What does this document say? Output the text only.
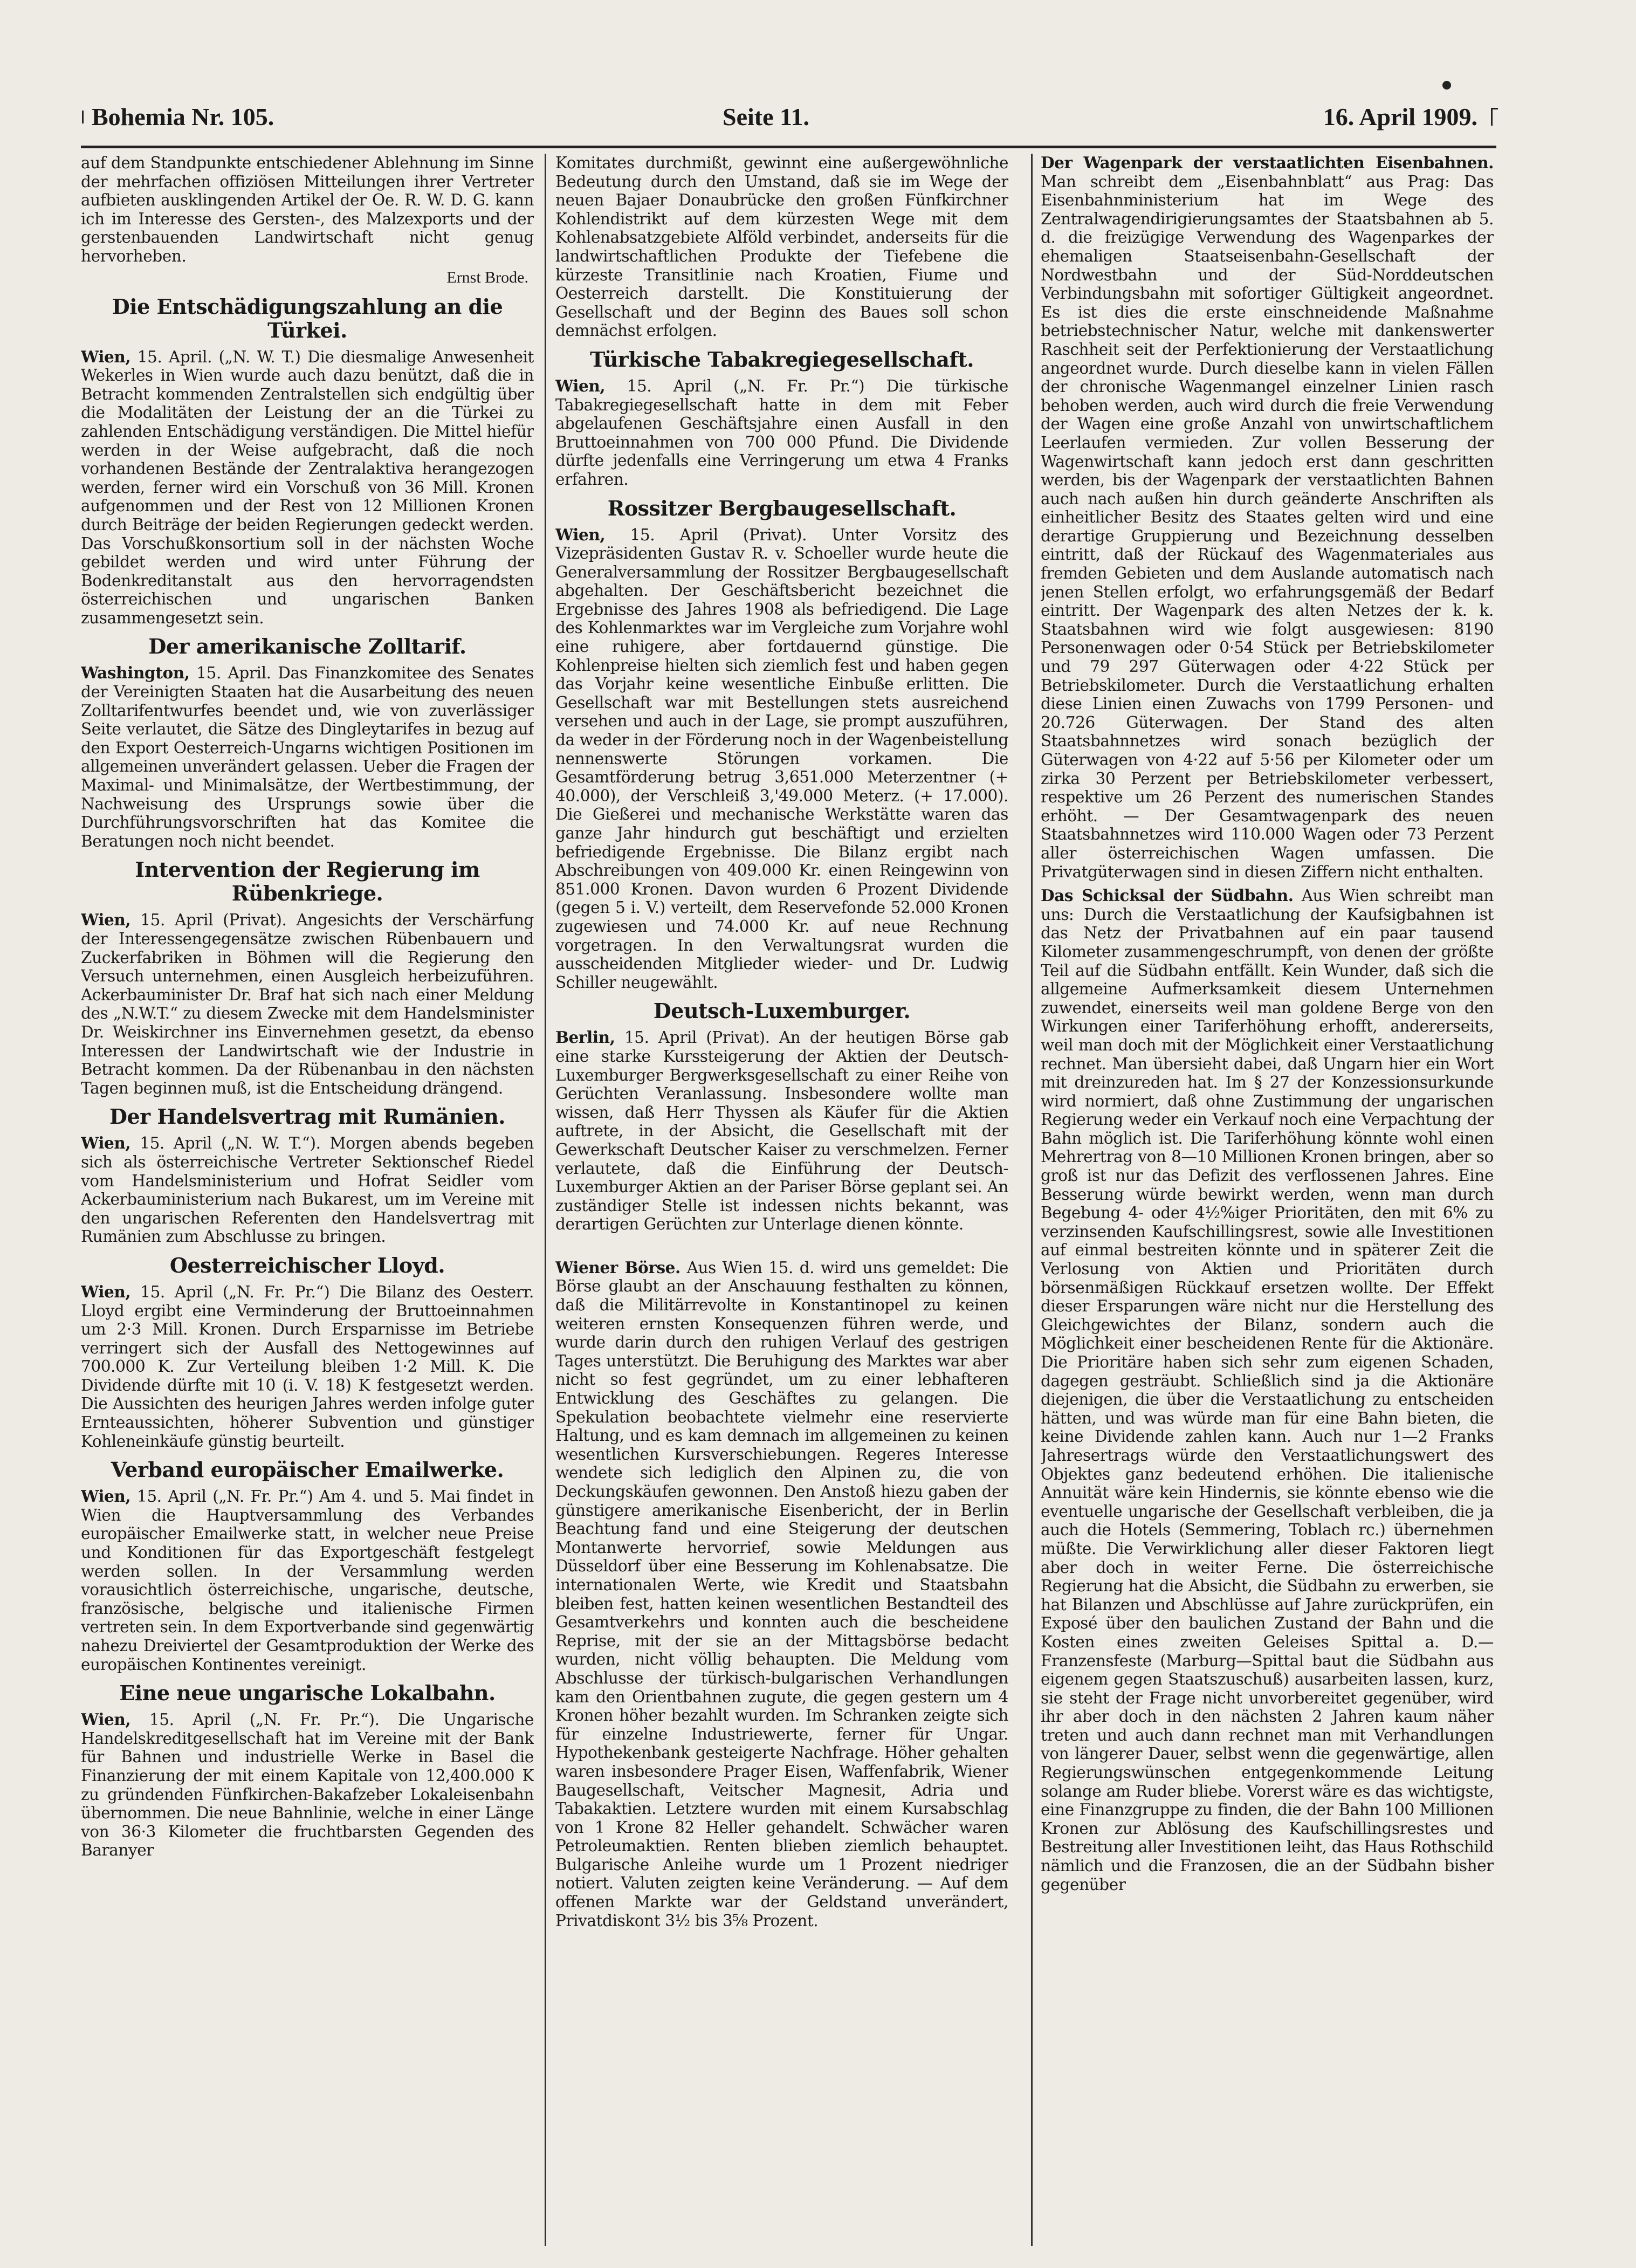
Bohemia Nr. 105.	Seite 11.	16. April 1909.

auf dem Standpunkte entschiedener Ablehnung im Sinne der mehrfachen offiziösen Mitteilungen ihrer Vertreter aufbieten ausklingenden Artikel der Oe. R. W. D. G. kann ich im Interesse des Gersten-, des Malzexports und der gerstenbauenden Landwirtschaft nicht genug hervorheben.

Ernst Brode.
Die Entschädigungszahlung an die Türkei.

Wien, 15. April. („N. W. T.) Die diesmalige Anwesenheit Wekerles in Wien wurde auch dazu benützt, daß die in Betracht kommenden Zentralstellen sich endgültig über die Modalitäten der Leistung der an die Türkei zu zahlenden Entschädigung verständigen. Die Mittel hiefür werden in der Weise aufgebracht, daß die noch vorhandenen Bestände der Zentralaktiva herangezogen werden, ferner wird ein Vorschuß von 36 Mill. Kronen aufgenommen und der Rest von 12 Millionen Kronen durch Beiträge der beiden Regierungen gedeckt werden. Das Vorschußkonsortium soll in der nächsten Woche gebildet werden und wird unter Führung der Bodenkreditanstalt aus den hervorragendsten österreichischen und ungarischen Banken zusammengesetzt sein.

Der amerikanische Zolltarif.

Washington, 15. April. Das Finanzkomitee des Senates der Vereinigten Staaten hat die Ausarbeitung des neuen Zolltarifentwurfes beendet und, wie von zuverlässiger Seite verlautet, die Sätze des Dingleytarifes in bezug auf den Export Oesterreich-Ungarns wichtigen Positionen im allgemeinen unverändert gelassen. Ueber die Fragen der Maximal- und Minimalsätze, der Wertbestimmung, der Nachweisung des Ursprungs sowie über die Durchführungsvorschriften hat das Komitee die Beratungen noch nicht beendet.

Intervention der Regierung im Rübenkriege.

Wien, 15. April (Privat). Angesichts der Verschärfung der Interessengegensätze zwischen Rübenbauern und Zuckerfabriken in Böhmen will die Regierung den Versuch unternehmen, einen Ausgleich herbeizuführen. Ackerbauminister Dr. Braf hat sich nach einer Meldung des „N.W.T.“ zu diesem Zwecke mit dem Handelsminister Dr. Weiskirchner ins Einvernehmen gesetzt, da ebenso Interessen der Landwirtschaft wie der Industrie in Betracht kommen. Da der Rübenanbau in den nächsten Tagen beginnen muß, ist die Entscheidung drängend.

Der Handelsvertrag mit Rumänien.

Wien, 15. April („N. W. T.“). Morgen abends begeben sich als österreichische Vertreter Sektionschef Riedel vom Handelsministerium und Hofrat Seidler vom Ackerbauministerium nach Bukarest, um im Vereine mit den ungarischen Referenten den Handelsvertrag mit Rumänien zum Abschlusse zu bringen.

Oesterreichischer Lloyd.

Wien, 15. April („N. Fr. Pr.“) Die Bilanz des Oesterr. Lloyd ergibt eine Verminderung der Bruttoeinnahmen um 2·3 Mill. Kronen. Durch Ersparnisse im Betriebe verringert sich der Ausfall des Nettogewinnes auf 700.000 K. Zur Verteilung bleiben 1·2 Mill. K. Die Dividende dürfte mit 10 (i. V. 18) K festgesetzt werden. Die Aussichten des heurigen Jahres werden infolge guter Ernteaussichten, höherer Subvention und günstiger Kohleneinkäufe günstig beurteilt.

Verband europäischer Emailwerke.

Wien, 15. April („N. Fr. Pr.“) Am 4. und 5. Mai findet in Wien die Hauptversammlung des Verbandes europäischer Emailwerke statt, in welcher neue Preise und Konditionen für das Exportgeschäft festgelegt werden sollen. In der Versammlung werden vorausichtlich österreichische, ungarische, deutsche, französische, belgische und italienische Firmen vertreten sein. In dem Exportverbande sind gegenwärtig nahezu Dreiviertel der Gesamtproduktion der Werke des europäischen Kontinentes vereinigt.

Eine neue ungarische Lokalbahn.

Wien, 15. April („N. Fr. Pr.“). Die Ungarische Handelskreditgesellschaft hat im Vereine mit der Bank für Bahnen und industrielle Werke in Basel die Finanzierung der mit einem Kapitale von 12,400.000 K zu gründenden Fünfkirchen-Bakafzeber Lokaleisenbahn übernommen. Die neue Bahnlinie, welche in einer Länge von 36·3 Kilometer die fruchtbarsten Gegenden des Baranyer

Komitates durchmißt, gewinnt eine außergewöhnliche Bedeutung durch den Umstand, daß sie im Wege der neuen Bajaer Donaubrücke den großen Fünfkirchner Kohlendistrikt auf dem kürzesten Wege mit dem Kohlenabsatzgebiete Alföld verbindet, anderseits für die landwirtschaftlichen Produkte der Tiefebene die kürzeste Transitlinie nach Kroatien, Fiume und Oesterreich darstellt. Die Konstituierung der Gesellschaft und der Beginn des Baues soll schon demnächst erfolgen.

Türkische Tabakregiegesellschaft.

Wien, 15. April („N. Fr. Pr.“) Die türkische Tabakregiegesellschaft hatte in dem mit Feber abgelaufenen Geschäftsjahre einen Ausfall in den Bruttoeinnahmen von 700 000 Pfund. Die Dividende dürfte jedenfalls eine Verringerung um etwa 4 Franks erfahren.

Rossitzer Bergbaugesellschaft.

Wien, 15. April (Privat). Unter Vorsitz des Vizepräsidenten Gustav R. v. Schoeller wurde heute die Generalversammlung der Rossitzer Bergbaugesellschaft abgehalten. Der Geschäftsbericht bezeichnet die Ergebnisse des Jahres 1908 als befriedigend. Die Lage des Kohlenmarktes war im Vergleiche zum Vorjahre wohl eine ruhigere, aber fortdauernd günstige. Die Kohlenpreise hielten sich ziemlich fest und haben gegen das Vorjahr keine wesentliche Einbuße erlitten. Die Gesellschaft war mit Bestellungen stets ausreichend versehen und auch in der Lage, sie prompt auszuführen, da weder in der Förderung noch in der Wagenbeistellung nennenswerte Störungen vorkamen. Die Gesamtförderung betrug 3,651.000 Meterzentner (+ 40.000), der Verschleiß 3,'49.000 Meterz. (+ 17.000). Die Gießerei und mechanische Werkstätte waren das ganze Jahr hindurch gut beschäftigt und erzielten befriedigende Ergebnisse. Die Bilanz ergibt nach Abschreibungen von 409.000 Kr. einen Reingewinn von 851.000 Kronen. Davon wurden 6 Prozent Dividende (gegen 5 i. V.) verteilt, dem Reservefonde 52.000 Kronen zugewiesen und 74.000 Kr. auf neue Rechnung vorgetragen. In den Verwaltungsrat wurden die ausscheidenden Mitglieder wieder- und Dr. Ludwig Schiller neugewählt.

Deutsch-Luxemburger.

Berlin, 15. April (Privat). An der heutigen Börse gab eine starke Kurssteigerung der Aktien der Deutsch-Luxemburger Bergwerksgesellschaft zu einer Reihe von Gerüchten Veranlassung. Insbesondere wollte man wissen, daß Herr Thyssen als Käufer für die Aktien auftrete, in der Absicht, die Gesellschaft mit der Gewerkschaft Deutscher Kaiser zu verschmelzen. Ferner verlautete, daß die Einführung der Deutsch-Luxemburger Aktien an der Pariser Börse geplant sei. An zuständiger Stelle ist indessen nichts bekannt, was derartigen Gerüchten zur Unterlage dienen könnte.

Wiener Börse. Aus Wien 15. d. wird uns gemeldet: Die Börse glaubt an der Anschauung festhalten zu können, daß die Militärrevolte in Konstantinopel zu keinen weiteren ernsten Konsequenzen führen werde, und wurde darin durch den ruhigen Verlauf des gestrigen Tages unterstützt. Die Beruhigung des Marktes war aber nicht so fest gegründet, um zu einer lebhafteren Entwicklung des Geschäftes zu gelangen. Die Spekulation beobachtete vielmehr eine reservierte Haltung, und es kam demnach im allgemeinen zu keinen wesentlichen Kursverschiebungen. Regeres Interesse wendete sich lediglich den Alpinen zu, die von Deckungskäufen gewonnen. Den Anstoß hiezu gaben der günstigere amerikanische Eisenbericht, der in Berlin Beachtung fand und eine Steigerung der deutschen Montanwerte hervorrief, sowie Meldungen aus Düsseldorf über eine Besserung im Kohlenabsatze. Die internationalen Werte, wie Kredit und Staatsbahn bleiben fest, hatten keinen wesentlichen Bestandteil des Gesamtverkehrs und konnten auch die bescheidene Reprise, mit der sie an der Mittagsbörse bedacht wurden, nicht völlig behaupten. Die Meldung vom Abschlusse der türkisch-bulgarischen Verhandlungen kam den Orientbahnen zugute, die gegen gestern um 4 Kronen höher bezahlt wurden. Im Schranken zeigte sich für einzelne Industriewerte, ferner für Ungar. Hypothekenbank gesteigerte Nachfrage. Höher gehalten waren insbesondere Prager Eisen, Waffenfabrik, Wiener Baugesellschaft, Veitscher Magnesit, Adria und Tabakaktien. Letztere wurden mit einem Kursabschlag von 1 Krone 82 Heller gehandelt. Schwächer waren Petroleumaktien. Renten blieben ziemlich behauptet. Bulgarische Anleihe wurde um 1 Prozent niedriger notiert. Valuten zeigten keine Veränderung. — Auf dem offenen Markte war der Geldstand unverändert, Privatdiskont 3½ bis 3⅝ Prozent.

Der Wagenpark der verstaatlichten Eisenbahnen. Man schreibt dem „Eisenbahnblatt“ aus Prag: Das Eisenbahnministerium hat im Wege des Zentralwagendirigierungsamtes der Staatsbahnen ab 5. d. die freizügige Verwendung des Wagenparkes der ehemaligen Staatseisenbahn-Gesellschaft der Nordwestbahn und der Süd-Norddeutschen Verbindungsbahn mit sofortiger Gültigkeit angeordnet. Es ist dies die erste einschneidende Maßnahme betriebstechnischer Natur, welche mit dankenswerter Raschheit seit der Perfektionierung der Verstaatlichung angeordnet wurde. Durch dieselbe kann in vielen Fällen der chronische Wagenmangel einzelner Linien rasch behoben werden, auch wird durch die freie Verwendung der Wagen eine große Anzahl von unwirtschaftlichem Leerlaufen vermieden. Zur vollen Besserung der Wagenwirtschaft kann jedoch erst dann geschritten werden, bis der Wagenpark der verstaatlichten Bahnen auch nach außen hin durch geänderte Anschriften als einheitlicher Besitz des Staates gelten wird und eine derartige Gruppierung und Bezeichnung desselben eintritt, daß der Rückauf des Wagenmateriales aus fremden Gebieten und dem Auslande automatisch nach jenen Stellen erfolgt, wo erfahrungsgemäß der Bedarf eintritt. Der Wagenpark des alten Netzes der k. k. Staatsbahnen wird wie folgt ausgewiesen: 8190 Personenwagen oder 0·54 Stück per Betriebskilometer und 79 297 Güterwagen oder 4·22 Stück per Betriebskilometer. Durch die Verstaatlichung erhalten diese Linien einen Zuwachs von 1799 Personen- und 20.726 Güterwagen. Der Stand des alten Staatsbahnnetzes wird sonach bezüglich der Güterwagen von 4·22 auf 5·56 per Kilometer oder um zirka 30 Perzent per Betriebskilometer verbessert, respektive um 26 Perzent des numerischen Standes erhöht. — Der Gesamtwagenpark des neuen Staatsbahnnetzes wird 110.000 Wagen oder 73 Perzent aller österreichischen Wagen umfassen. Die Privatgüterwagen sind in diesen Ziffern nicht enthalten.

Das Schicksal der Südbahn. Aus Wien schreibt man uns: Durch die Verstaatlichung der Kaufsigbahnen ist das Netz der Privatbahnen auf ein paar tausend Kilometer zusammengeschrumpft, von denen der größte Teil auf die Südbahn entfällt. Kein Wunder, daß sich die allgemeine Aufmerksamkeit diesem Unternehmen zuwendet, einerseits weil man goldene Berge von den Wirkungen einer Tariferhöhung erhofft, andererseits, weil man doch mit der Möglichkeit einer Verstaatlichung rechnet. Man übersieht dabei, daß Ungarn hier ein Wort mit dreinzureden hat. Im § 27 der Konzessionsurkunde wird normiert, daß ohne Zustimmung der ungarischen Regierung weder ein Verkauf noch eine Verpachtung der Bahn möglich ist. Die Tariferhöhung könnte wohl einen Mehrertrag von 8—10 Millionen Kronen bringen, aber so groß ist nur das Defizit des verflossenen Jahres. Eine Besserung würde bewirkt werden, wenn man durch Begebung 4- oder 4½%iger Prioritäten, den mit 6% zu verzinsenden Kaufschillingsrest, sowie alle Investitionen auf einmal bestreiten könnte und in späterer Zeit die Verlosung von Aktien und Prioritäten durch börsenmäßigen Rückkauf ersetzen wollte. Der Effekt dieser Ersparungen wäre nicht nur die Herstellung des Gleichgewichtes der Bilanz, sondern auch die Möglichkeit einer bescheidenen Rente für die Aktionäre. Die Prioritäre haben sich sehr zum eigenen Schaden, dagegen gesträubt. Schließlich sind ja die Aktionäre diejenigen, die über die Verstaatlichung zu entscheiden hätten, und was würde man für eine Bahn bieten, die keine Dividende zahlen kann. Auch nur 1—2 Franks Jahresertrags würde den Verstaatlichungswert des Objektes ganz bedeutend erhöhen. Die italienische Annuität wäre kein Hindernis, sie könnte ebenso wie die eventuelle ungarische der Gesellschaft verbleiben, die ja auch die Hotels (Semmering, Toblach rc.) übernehmen müßte. Die Verwirklichung aller dieser Faktoren liegt aber doch in weiter Ferne. Die österreichische Regierung hat die Absicht, die Südbahn zu erwerben, sie hat Bilanzen und Abschlüsse auf Jahre zurückprüfen, ein Exposé über den baulichen Zustand der Bahn und die Kosten eines zweiten Geleises Spittal a. D.—Franzensfeste (Marburg—Spittal baut die Südbahn aus eigenem gegen Staatszuschuß) ausarbeiten lassen, kurz, sie steht der Frage nicht unvorbereitet gegenüber, wird ihr aber doch in den nächsten 2 Jahren kaum näher treten und auch dann rechnet man mit Verhandlungen von längerer Dauer, selbst wenn die gegenwärtige, allen Regierungswünschen entgegenkommende Leitung solange am Ruder bliebe. Vorerst wäre es das wichtigste, eine Finanzgruppe zu finden, die der Bahn 100 Millionen Kronen zur Ablösung des Kaufschillingsrestes und Bestreitung aller Investitionen leiht, das Haus Rothschild nämlich und die Franzosen, die an der Südbahn bisher gegenüber
